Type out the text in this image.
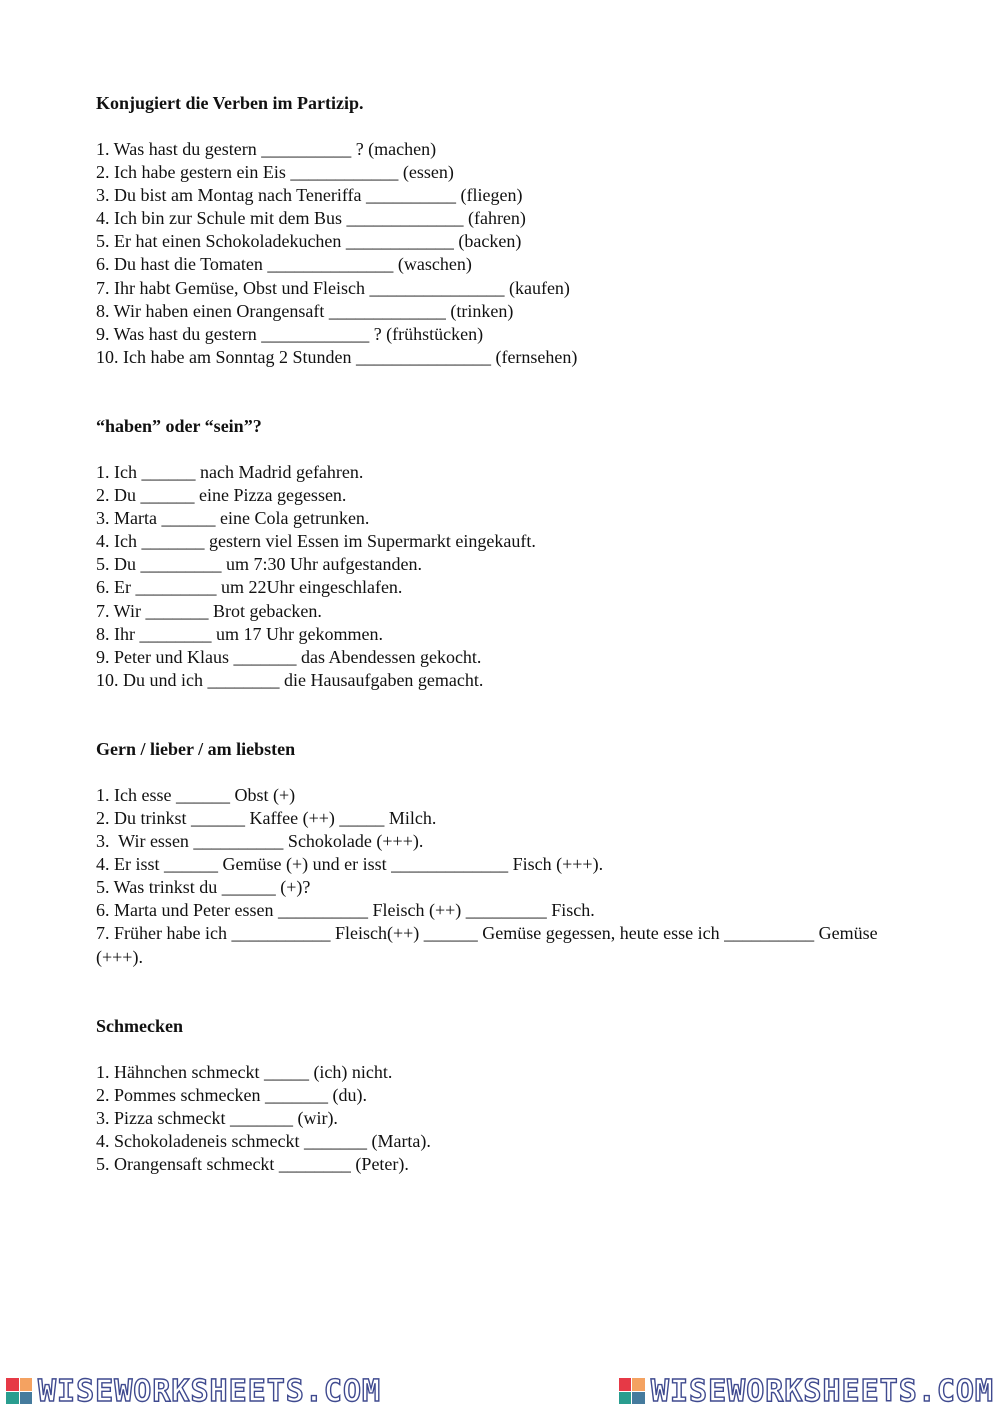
Konjugiert die Verben im Partizip.
1. Was hast du gestern __________ ? (machen)
2. Ich habe gestern ein Eis ____________ (essen)
3. Du bist am Montag nach Teneriffa __________ (fliegen)
4. Ich bin zur Schule mit dem Bus _____________ (fahren)
5. Er hat einen Schokoladekuchen ____________ (backen)
6. Du hast die Tomaten ______________ (waschen)
7. Ihr habt Gemüse, Obst und Fleisch _______________ (kaufen)
8. Wir haben einen Orangensaft _____________ (trinken)
9. Was hast du gestern ____________ ? (frühstücken)
10. Ich habe am Sonntag 2 Stunden _______________ (fernsehen)
“haben” oder “sein”?
1. Ich ______ nach Madrid gefahren.
2. Du ______ eine Pizza gegessen.
3. Marta ______ eine Cola getrunken.
4. Ich _______ gestern viel Essen im Supermarkt eingekauft.
5. Du _________ um 7:30 Uhr aufgestanden.
6. Er _________ um 22Uhr eingeschlafen.
7. Wir _______ Brot gebacken.
8. Ihr ________ um 17 Uhr gekommen.
9. Peter und Klaus _______ das Abendessen gekocht.
10. Du und ich ________ die Hausaufgaben gemacht.
Gern / lieber / am liebsten
1. Ich esse ______ Obst (+)
2. Du trinkst ______ Kaffee (++) _____ Milch.
3.  Wir essen __________ Schokolade (+++).
4. Er isst ______ Gemüse (+) und er isst _____________ Fisch (+++).
5. Was trinkst du ______ (+)?
6. Marta und Peter essen __________ Fleisch (++) _________ Fisch.
7. Früher habe ich ___________ Fleisch(++) ______ Gemüse gegessen, heute esse ich __________ Gemüse (+++).
Schmecken
1. Hähnchen schmeckt _____ (ich) nicht.
2. Pommes schmecken _______ (du).
3. Pizza schmeckt _______ (wir).
4. Schokoladeneis schmeckt _______ (Marta).
5. Orangensaft schmeckt ________ (Peter).
WISEWORKSHEETS.COM	WISEWORKSHEETS.COM
